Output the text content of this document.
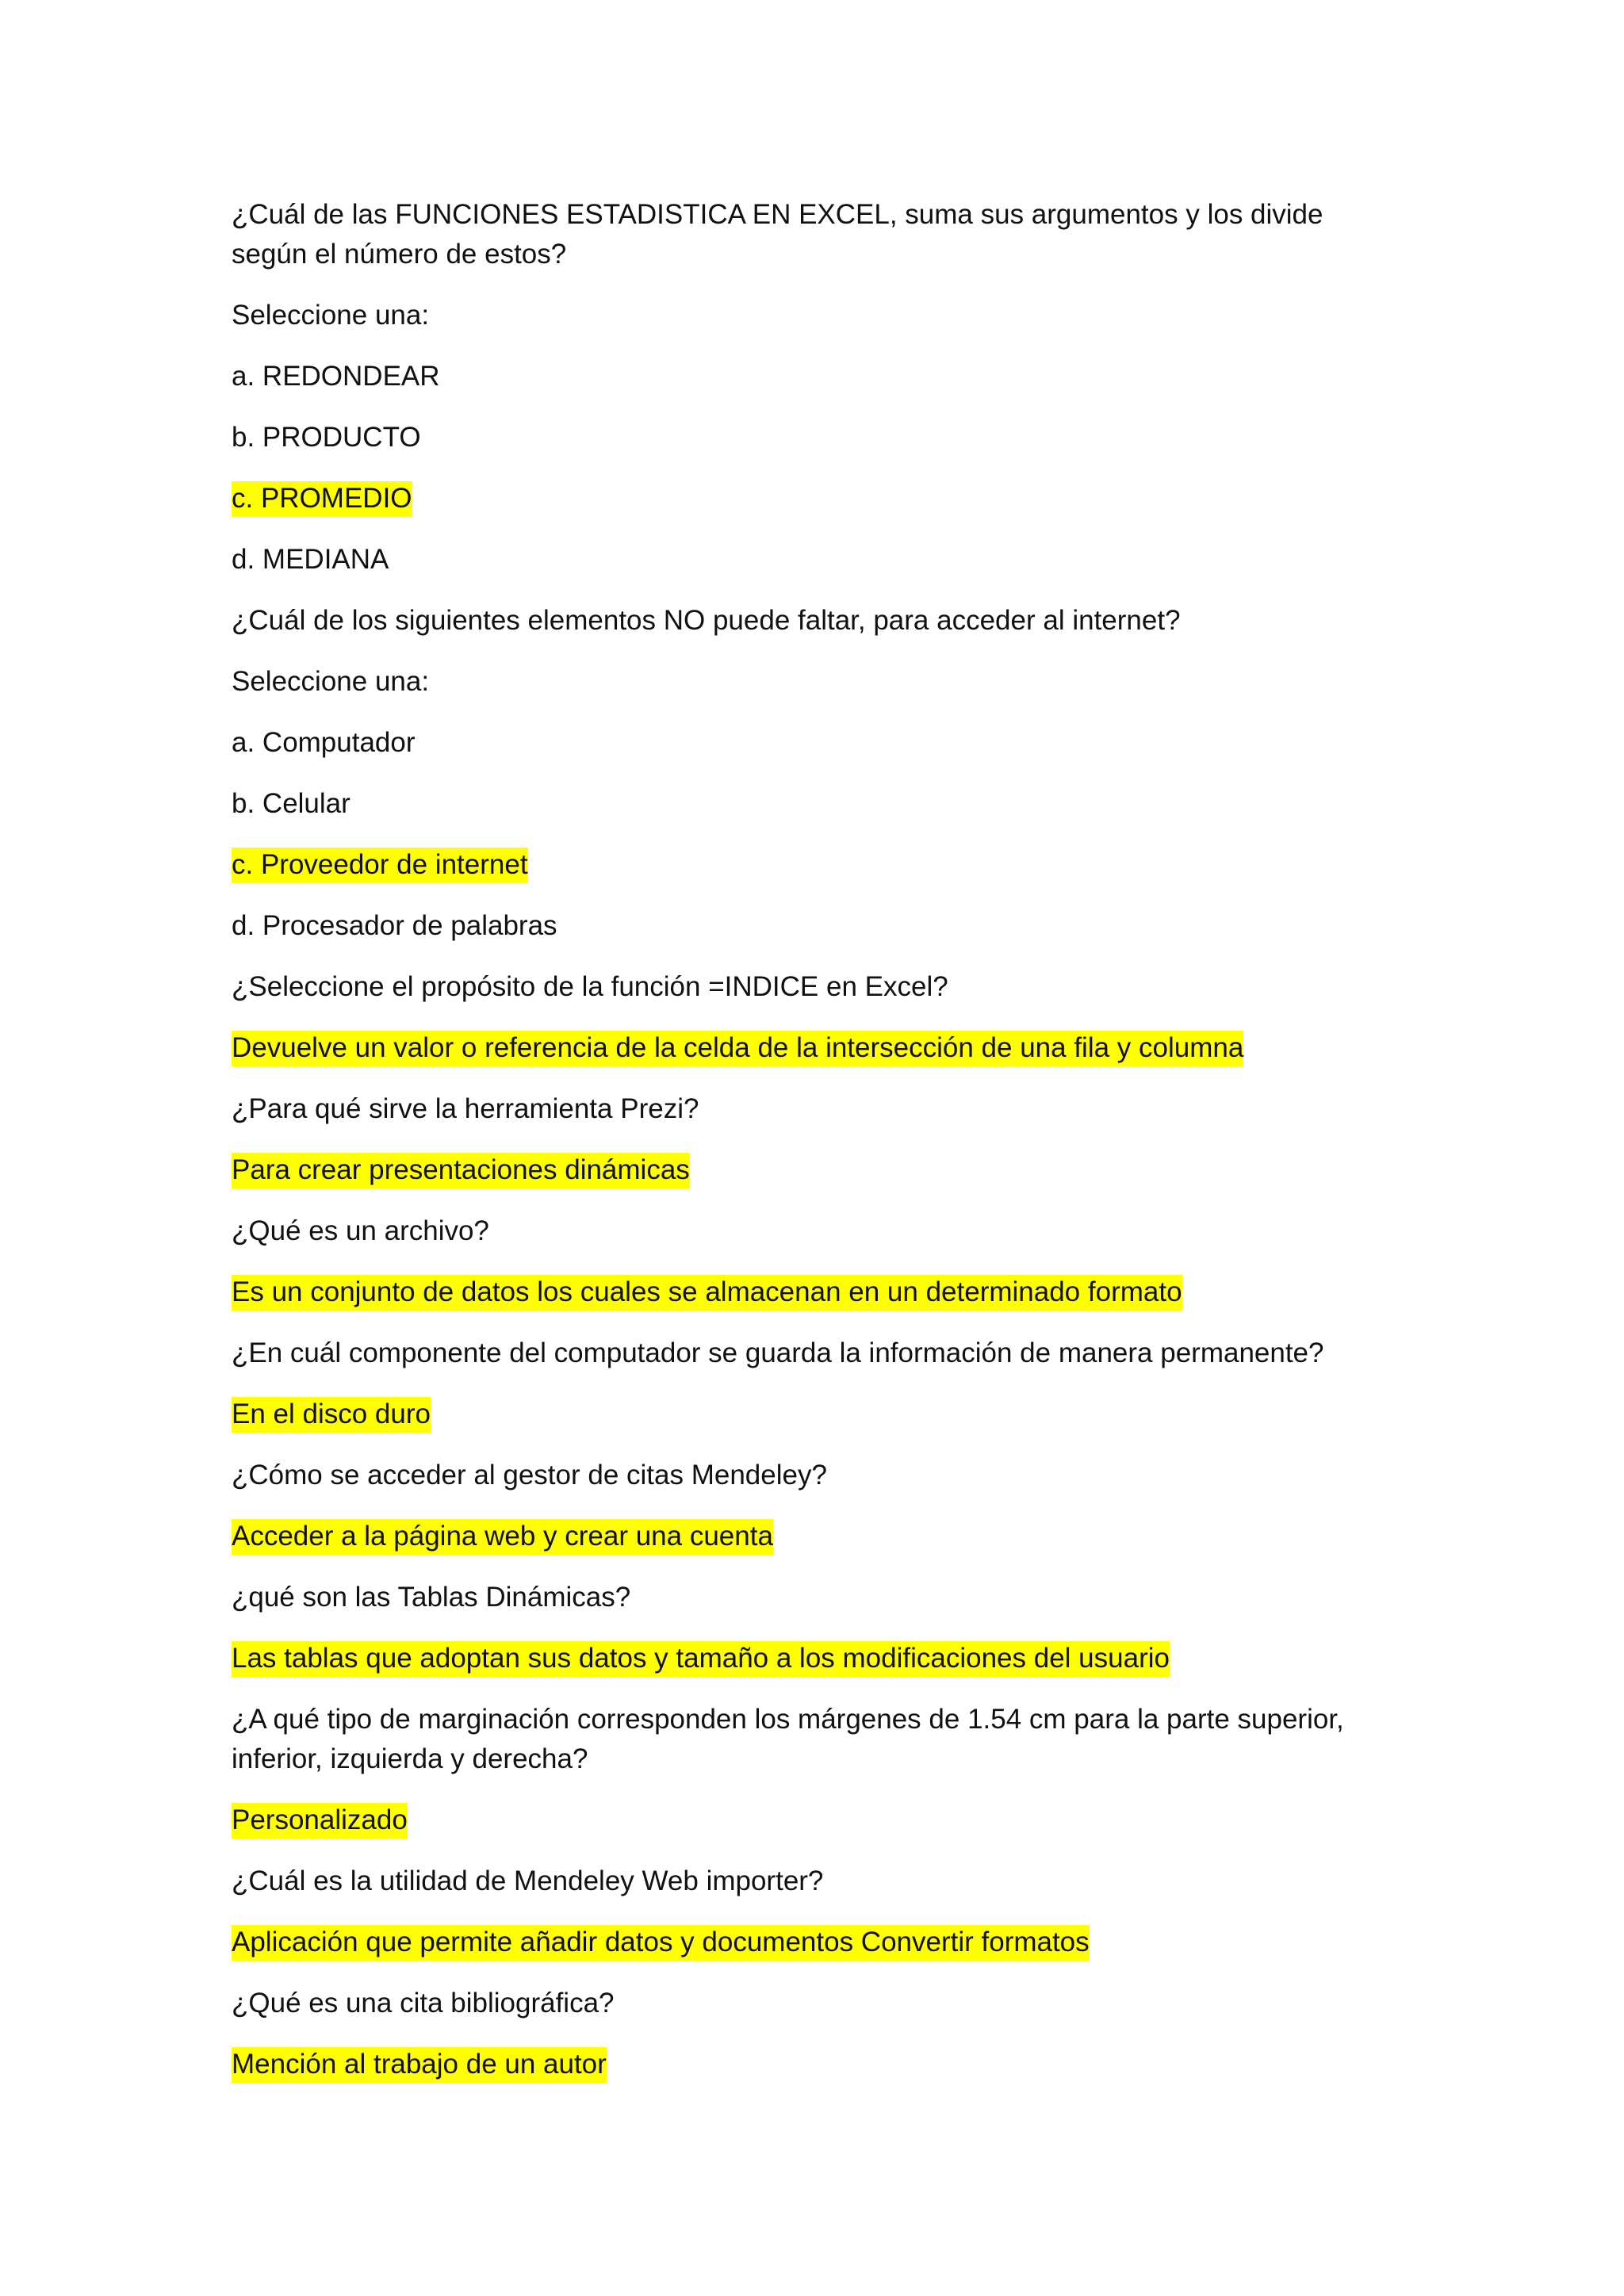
¿Cuál de las FUNCIONES ESTADISTICA EN EXCEL, suma sus argumentos y los divide según el número de estos?

Seleccione una:

a. REDONDEAR

b. PRODUCTO

c. PROMEDIO

d. MEDIANA

¿Cuál de los siguientes elementos NO puede faltar, para acceder al internet?

Seleccione una:

a. Computador

b. Celular

c. Proveedor de internet

d. Procesador de palabras

¿Seleccione el propósito de la función =INDICE en Excel?

Devuelve un valor o referencia de la celda de la intersección de una fila y columna

¿Para qué sirve la herramienta Prezi?

Para crear presentaciones dinámicas

¿Qué es un archivo?

Es un conjunto de datos los cuales se almacenan en un determinado formato

¿En cuál componente del computador se guarda la información de manera permanente?

En el disco duro

¿Cómo se acceder al gestor de citas Mendeley?

Acceder a la página web y crear una cuenta

¿qué son las Tablas Dinámicas?

Las tablas que adoptan sus datos y tamaño a los modificaciones del usuario

¿A qué tipo de marginación corresponden los márgenes de 1.54 cm para la parte superior, inferior, izquierda y derecha?

Personalizado

¿Cuál es la utilidad de Mendeley Web importer?

Aplicación que permite añadir datos y documentos Convertir formatos

¿Qué es una cita bibliográfica?

Mención al trabajo de un autor
